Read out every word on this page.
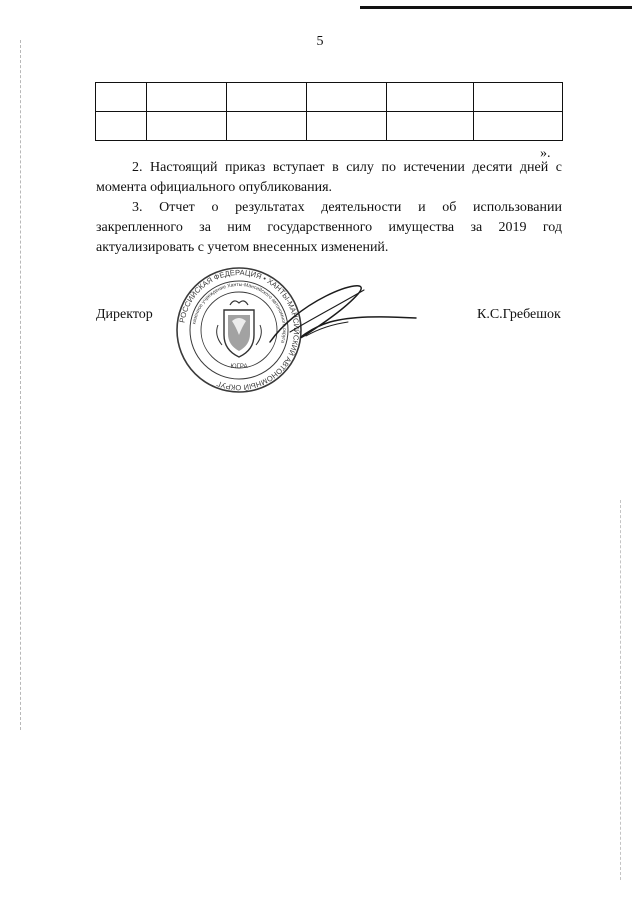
5

».

2. Настоящий приказ вступает в силу по истечении десяти дней с
момента официального опубликования.

3. Отчет о результатах деятельности и об использовании
закрепленного за ним государственного имущества за 2019 год
актуализировать с учетом внесенных изменений.

Директор	К.С.Гребешок
РОССИЙСКАЯ ФЕДЕРАЦИЯ • ХАНТЫ-МАНСИЙСКИЙ АВТОНОМНЫЙ ОКРУГ
казенное учреждение Ханты-Мансийского автономного округа
ЮГРА
